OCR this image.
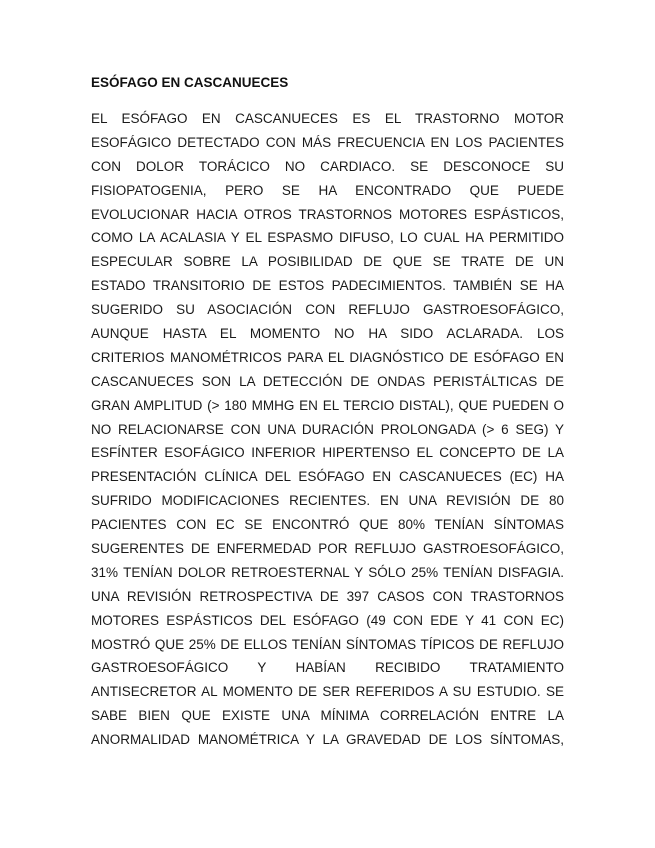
ESÓFAGO EN CASCANUECES
EL ESÓFAGO EN CASCANUECES ES EL TRASTORNO MOTOR
ESOFÁGICO DETECTADO CON MÁS FRECUENCIA EN LOS PACIENTES
CON DOLOR TORÁCICO NO CARDIACO. SE DESCONOCE SU
FISIOPATOGENIA, PERO SE HA ENCONTRADO QUE PUEDE
EVOLUCIONAR HACIA OTROS TRASTORNOS MOTORES ESPÁSTICOS,
COMO LA ACALASIA Y EL ESPASMO DIFUSO, LO CUAL HA PERMITIDO
ESPECULAR SOBRE LA POSIBILIDAD DE QUE SE TRATE DE UN
ESTADO TRANSITORIO DE ESTOS PADECIMIENTOS. TAMBIÉN SE HA
SUGERIDO SU ASOCIACIÓN CON REFLUJO GASTROESOFÁGICO,
AUNQUE HASTA EL MOMENTO NO HA SIDO ACLARADA. LOS
CRITERIOS MANOMÉTRICOS PARA EL DIAGNÓSTICO DE ESÓFAGO EN
CASCANUECES SON LA DETECCIÓN DE ONDAS PERISTÁLTICAS DE
GRAN AMPLITUD (> 180 MMHG EN EL TERCIO DISTAL), QUE PUEDEN O
NO RELACIONARSE CON UNA DURACIÓN PROLONGADA (> 6 SEG) Y
ESFÍNTER ESOFÁGICO INFERIOR HIPERTENSO EL CONCEPTO DE LA
PRESENTACIÓN CLÍNICA DEL ESÓFAGO EN CASCANUECES (EC) HA
SUFRIDO MODIFICACIONES RECIENTES. EN UNA REVISIÓN DE 80
PACIENTES CON EC SE ENCONTRÓ QUE 80% TENÍAN SÍNTOMAS
SUGERENTES DE ENFERMEDAD POR REFLUJO GASTROESOFÁGICO,
31% TENÍAN DOLOR RETROESTERNAL Y SÓLO 25% TENÍAN DISFAGIA.
UNA REVISIÓN RETROSPECTIVA DE 397 CASOS CON TRASTORNOS
MOTORES ESPÁSTICOS DEL ESÓFAGO (49 CON EDE Y 41 CON EC)
MOSTRÓ QUE 25% DE ELLOS TENÍAN SÍNTOMAS TÍPICOS DE REFLUJO
GASTROESOFÁGICO Y HABÍAN RECIBIDO TRATAMIENTO
ANTISECRETOR AL MOMENTO DE SER REFERIDOS A SU ESTUDIO. SE
SABE BIEN QUE EXISTE UNA MÍNIMA CORRELACIÓN ENTRE LA
ANORMALIDAD MANOMÉTRICA Y LA GRAVEDAD DE LOS SÍNTOMAS,
